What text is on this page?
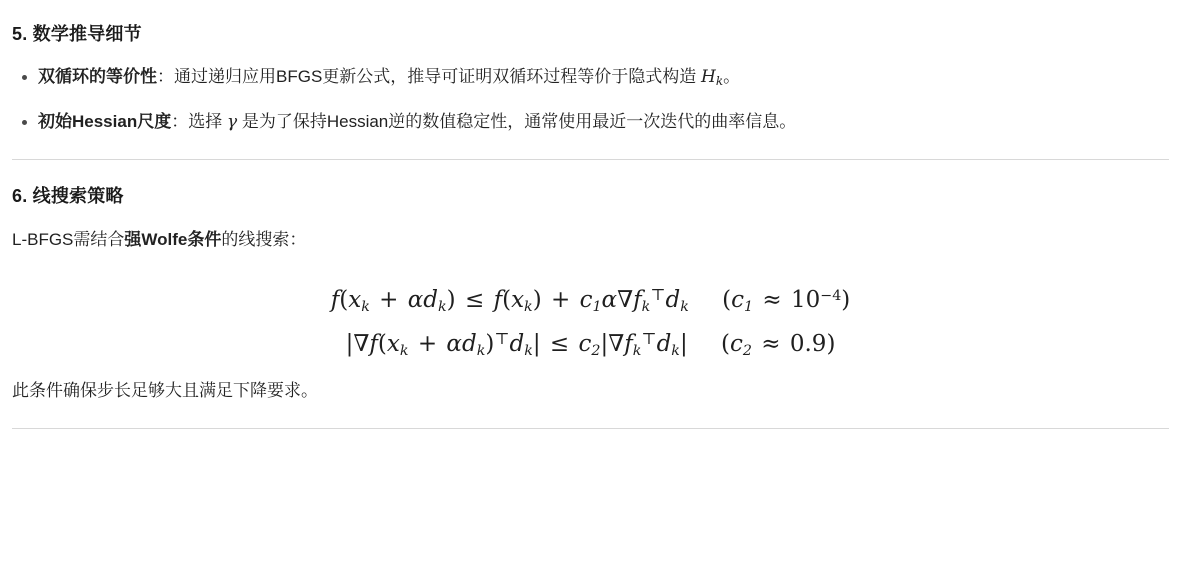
5. 数学推导细节
双循环的等价性：通过递归应用BFGS更新公式，推导可证明双循环过程等价于隐式构造 Hk。
初始Hessian尺度：选择 γ 是为了保持Hessian逆的数值稳定性，通常使用最近一次迭代的曲率信息。
6. 线搜索策略

L-BFGS需结合强Wolfe条件的线搜索：

$f(x_k + \alpha d_k) \le f(x_k) + c_1\alpha\nabla f_k^⊤d_k$ $(c_1 \approx 10^{-4})$
$|\nabla f(x_k + \alpha d_k)^⊤d_k| \le c_2|\nabla f_k^⊤d_k|$ $(c_2 \approx 0.9)$

此条件确保步长足够大且满足下降要求。
